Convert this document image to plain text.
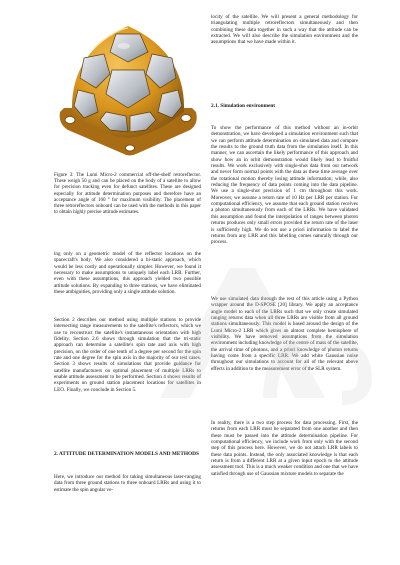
Figure 3: The Lumi Micro-2 commercial off-the-shelf retroreflector. These weigh 50 g and can be placed on the body of a satellite to allow for precision tracking even for defunct satellites. These are designed especially for attitude determination purposes and therefore have an acceptance angle of 160 ° for maximum visibility. The placement of three retroreflectors onboard can be used with the methods in this paper to obtain highly precise attitude estimates.

ing only on a geometric model of the reflector locations on the spacecraft's body. We also considered a bi-static approach, which would be less costly and operationally simpler. However, we found it necessary to make assumptions to uniquely label each LRR. Further, even with these assumptions, this approach yielded two possible attitude solutions. By expanding to three stations, we have eliminated these ambiguities, providing only a single attitude solution.

Section 2 describes our method using multiple stations to provide intersecting range measurements to the satellite's reflectors, which we use to reconstruct the satellite's instantaneous orientation with high fidelity. Section 2.6 shows through simulation that the tri-static approach can determine a satellite's spin rate and axis with high precision, on the order of one tenth of a degree per second for the spin rate and one degree for the spin axis in the majority of our test cases. Section 3 shows results of simulations that provide guidance for satellite manufacturers on optimal placement of multiple LRRs to enable attitude assessment to be performed. Section 4 shows results of experiments on ground station placement locations for satellites in LEO. Finally, we conclude in Section 5.

2. ATTITUDE DETERMINATION MODELS AND METHODS

Here, we introduce our method for taking simultaneous laser-ranging data from three ground stations to three onboard LRRs and using it to estimate the spin angular ve-

locity of the satellite. We will present a general methodology for triangulating multiple retroreflectors simultaneously and then combining these data together in such a way that the attitude can be extracted. We will also describe the simulation environment and the assumptions that we have made within it.

2.1. Simulation environment

To show the performance of this method without an in-orbit demonstration, we have developed a simulation environment such that we can perform attitude determination on simulated data and compare the results to the ground truth data from the simulation itself. In this manner, we can ascertain the likely performance of this approach and show how an in orbit demonstration would likely lead to fruitful results. We work exclusively with single-shot data from our network and never form normal points with the data as these time average over the rotational motion thereby losing attitude information; while, also reducing the frequency of data points coming into the data pipeline. We use a single-shot precision of 1 cm throughout this work. Moreover, we assume a return rate of 10 Hz per LRR per station. For computational efficiency, we assume that each ground station receives a photon simultaneously from each of the LRRs. We have validated this assumption and found the interpolation of ranges between photon returns produces only small errors provided the return rate of the laser is sufficiently high. We do not use a priori information to label the returns from any LRR and this labelling comes naturally through our process.

We use simulated data through the rest of this article using a Python wrapper around the D-SPOSE [20] library. We apply an acceptance angle model to each of the LRRs such that we only create simulated ranging returns data when all three LRRs are visible from all ground stations simultaneously. This model is based around the design of the Lumi Micro-2 LRR which gives an almost complete hemisphere of visibility. We have removed assumptions from the simulation environment including knowledge of the centre of mass of the satellite, the arrival time of photons, and a priori knowledge of photon returns having come from a specific LRR. We add white Gaussian noise throughout our simulations to account for all of the relevant above effects in addition to the measurement error of the SLR system.

In reality, there is a two step process for data processing. First, the returns from each LRR must be separated from one another and then these must be passed into the attitude determination pipeline. For computational efficiency, we include work from only with the second step of this process here. However, we do not attach LRR labels to these data points. Instead, the only associated knowledge is that each return is from a different LRR at a given input epoch to the attitude assessment tool. This is a much weaker condition and one that we have satisfied through use of Gaussian mixture models to separate the
